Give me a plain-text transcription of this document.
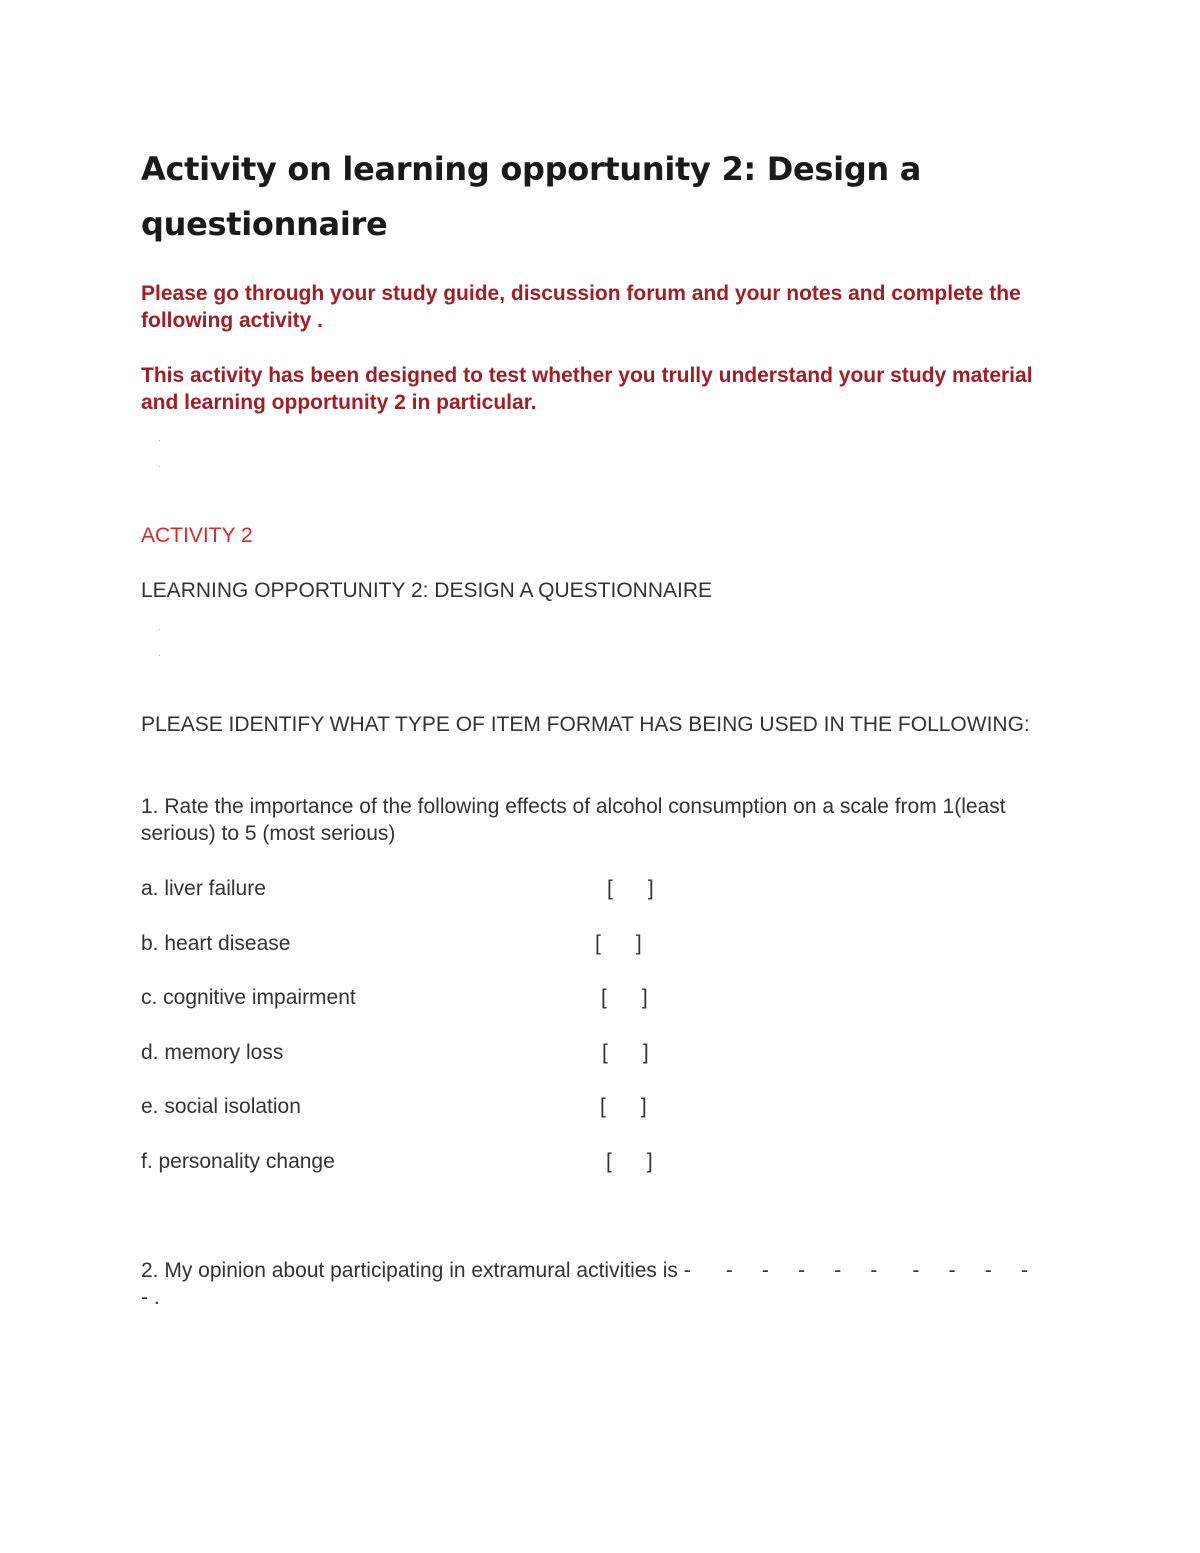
Activity on learning opportunity 2: Design a questionnaire

Please go through your study guide, discussion forum and your notes and complete the following activity .

This activity has been designed to test whether you trully understand your study material and learning opportunity 2 in particular.

·
·

ACTIVITY 2

LEARNING OPPORTUNITY 2: DESIGN A QUESTIONNAIRE

·
·

PLEASE IDENTIFY WHAT TYPE OF ITEM FORMAT HAS BEING USED IN THE FOLLOWING:

1. Rate the importance of the following effects of alcohol consumption on a scale from 1(least serious) to 5 (most serious)

a. liver failure	[      ]
b. heart disease	[      ]
c. cognitive impairment	[      ]
d. memory loss	[      ]
e. social isolation	[      ]
f. personality change	[      ]

2. My opinion about participating in extramural activities is -      -     -     -     -     -      -     -     -     -     - .
